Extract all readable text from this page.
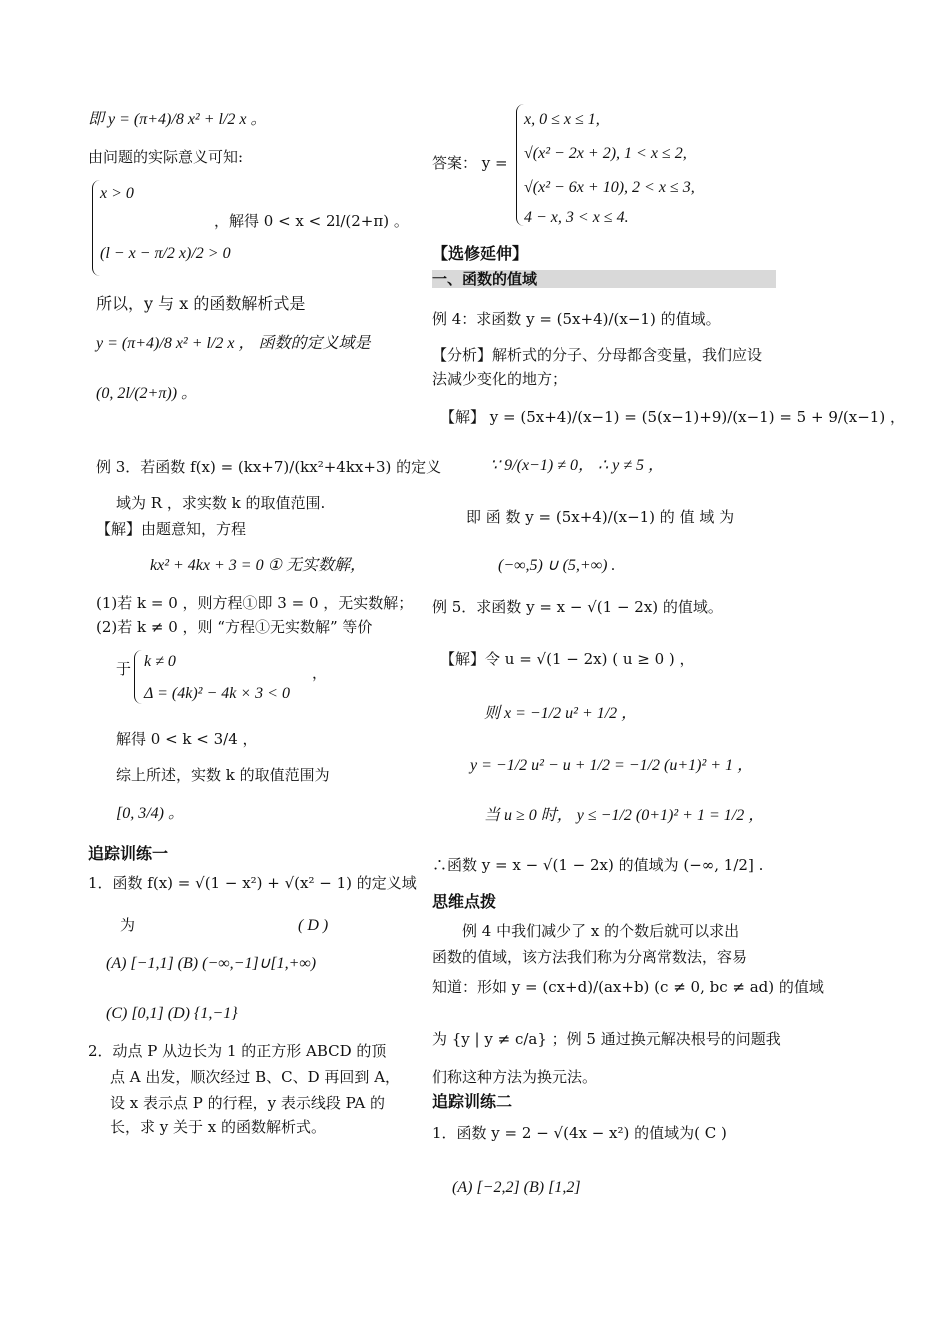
即 y = (π+4)/8 x² + l/2 x 。
由问题的实际意义可知:
x > 0
(l − x − π/2 x)/2 > 0
，解得 0 < x < 2l/(2+π) 。
所以，y 与 x 的函数解析式是
y = (π+4)/8 x² + l/2 x ， 函数的定义域是
(0, 2l/(2+π)) 。
例 3．若函数 f(x) = (kx+7)/(kx²+4kx+3) 的定义
域为 R ，求实数 k 的取值范围.
【解】由题意知，方程
kx² + 4kx + 3 = 0 ① 无实数解，
(1)若 k = 0 ，则方程①即 3 = 0 ，无实数解；
(2)若 k ≠ 0 ，则 “方程①无实数解” 等价
于 k ≠ 0
Δ = (4k)² − 4k × 3 < 0
，
解得 0 < k < 3/4 ，
综上所述，实数 k 的取值范围为
[0, 3/4) 。
追踪训练一
1．函数 f(x) = √(1 − x²) + √(x² − 1) 的定义域
为	( D )
(A) [−1,1] (B) (−∞,−1]∪[1,+∞)
(C) [0,1] (D) {1,−1}
2．动点 P 从边长为 1 的正方形 ABCD 的顶
点 A 出发，顺次经过 B、C、D 再回到 A，
设 x 表示点 P 的行程，y 表示线段 PA 的
长，求 y 关于 x 的函数解析式。
x, 0 ≤ x ≤ 1,
√(x² − 2x + 2), 1 < x ≤ 2,
答案： y =
√(x² − 6x + 10), 2 < x ≤ 3,
4 − x, 3 < x ≤ 4.
【选修延伸】
一、函数的值域
例 4：求函数 y = (5x+4)/(x−1) 的值域。
【分析】解析式的分子、分母都含变量，我们应设
法减少变化的地方；
【解】 y = (5x+4)/(x−1) = (5(x−1)+9)/(x−1) = 5 + 9/(x−1) ，
∵ 9/(x−1) ≠ 0， ∴ y ≠ 5 ，
即 函 数 y = (5x+4)/(x−1) 的 值 域 为
(−∞,5) ∪ (5,+∞) .
例 5．求函数 y = x − √(1 − 2x) 的值域。
【解】令 u = √(1 − 2x) ( u ≥ 0 ) ，
则 x = −1/2 u² + 1/2 ，
y = −1/2 u² − u + 1/2 = −1/2 (u+1)² + 1 ，
当 u ≥ 0 时， y ≤ −1/2 (0+1)² + 1 = 1/2 ，
∴函数 y = x − √(1 − 2x) 的值域为 (−∞, 1/2] .
思维点拨
例 4 中我们减少了 x 的个数后就可以求出
函数的值域，该方法我们称为分离常数法，容易
知道：形如 y = (cx+d)/(ax+b) (c ≠ 0, bc ≠ ad) 的值域
为 {y | y ≠ c/a} ；例 5 通过换元解决根号的问题我
们称这种方法为换元法。
追踪训练二
1．函数 y = 2 − √(4x − x²) 的值域为( C )
(A) [−2,2] (B) [1,2]
